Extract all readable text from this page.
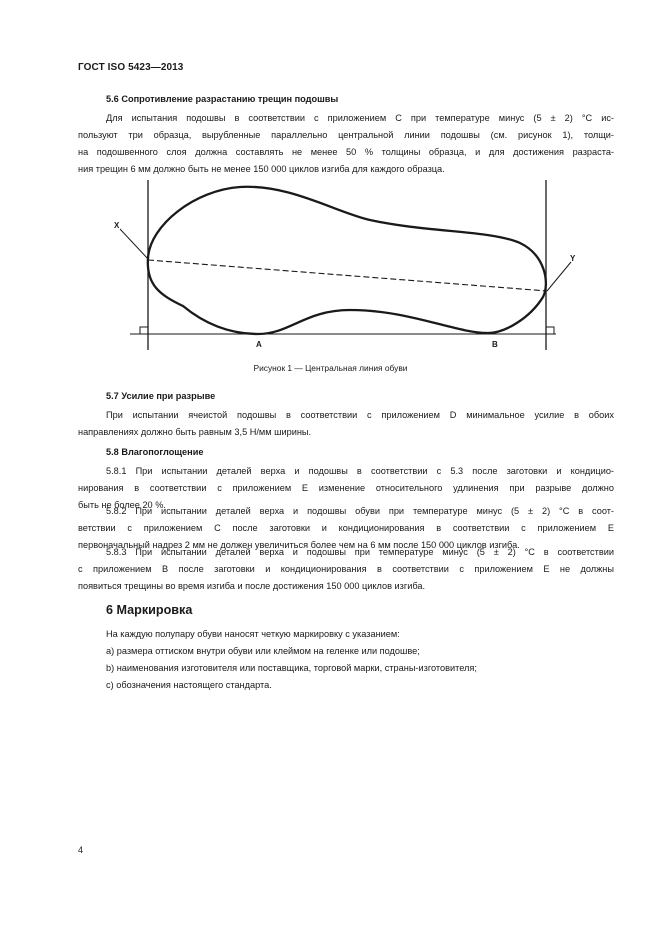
ГОСТ ISO 5423—2013
5.6 Сопротивление разрастанию трещин подошвы
Для испытания подошвы в соответствии с приложением C при температуре минус (5 ± 2) °C ис-
пользуют три образца, вырубленные параллельно центральной линии подошвы (см. рисунок 1), толщи-
на подошвенного слоя должна составлять не менее 50 % толщины образца, и для достижения разраста-
ния трещин 6 мм должно быть не менее 150 000 циклов изгиба для каждого образца.
X
Y
A	B
Рисунок 1 — Центральная линия обуви
5.7 Усилие при разрыве
При испытании ячеистой подошвы в соответствии с приложением D минимальное усилие в обоих
направлениях должно быть равным 3,5 Н/мм ширины.
5.8 Влагопоглощение
5.8.1 При испытании деталей верха и подошвы в соответствии с 5.3 после заготовки и кондицио-
нирования в соответствии с приложением E изменение относительного удлинения при разрыве должно
быть не более 20 %.
5.8.2 При испытании деталей верха и подошвы обуви при температуре минус (5 ± 2) °C в соот-
ветствии с приложением C после заготовки и кондиционирования в соответствии с приложением E
первоначальный надрез 2 мм не должен увеличиться более чем на 6 мм после 150 000 циклов изгиба.
5.8.3 При испытании деталей верха и подошвы при температуре минус (5 ± 2) °C в соответствии
с приложением B после заготовки и кондиционирования в соответствии с приложением E не должны
появиться трещины во время изгиба и после достижения 150 000 циклов изгиба.
6 Маркировка
На каждую полупару обуви наносят четкую маркировку с указанием:
a) размера оттиском внутри обуви или клеймом на геленке или подошве;
b) наименования изготовителя или поставщика, торговой марки, страны-изготовителя;
c) обозначения настоящего стандарта.
4
